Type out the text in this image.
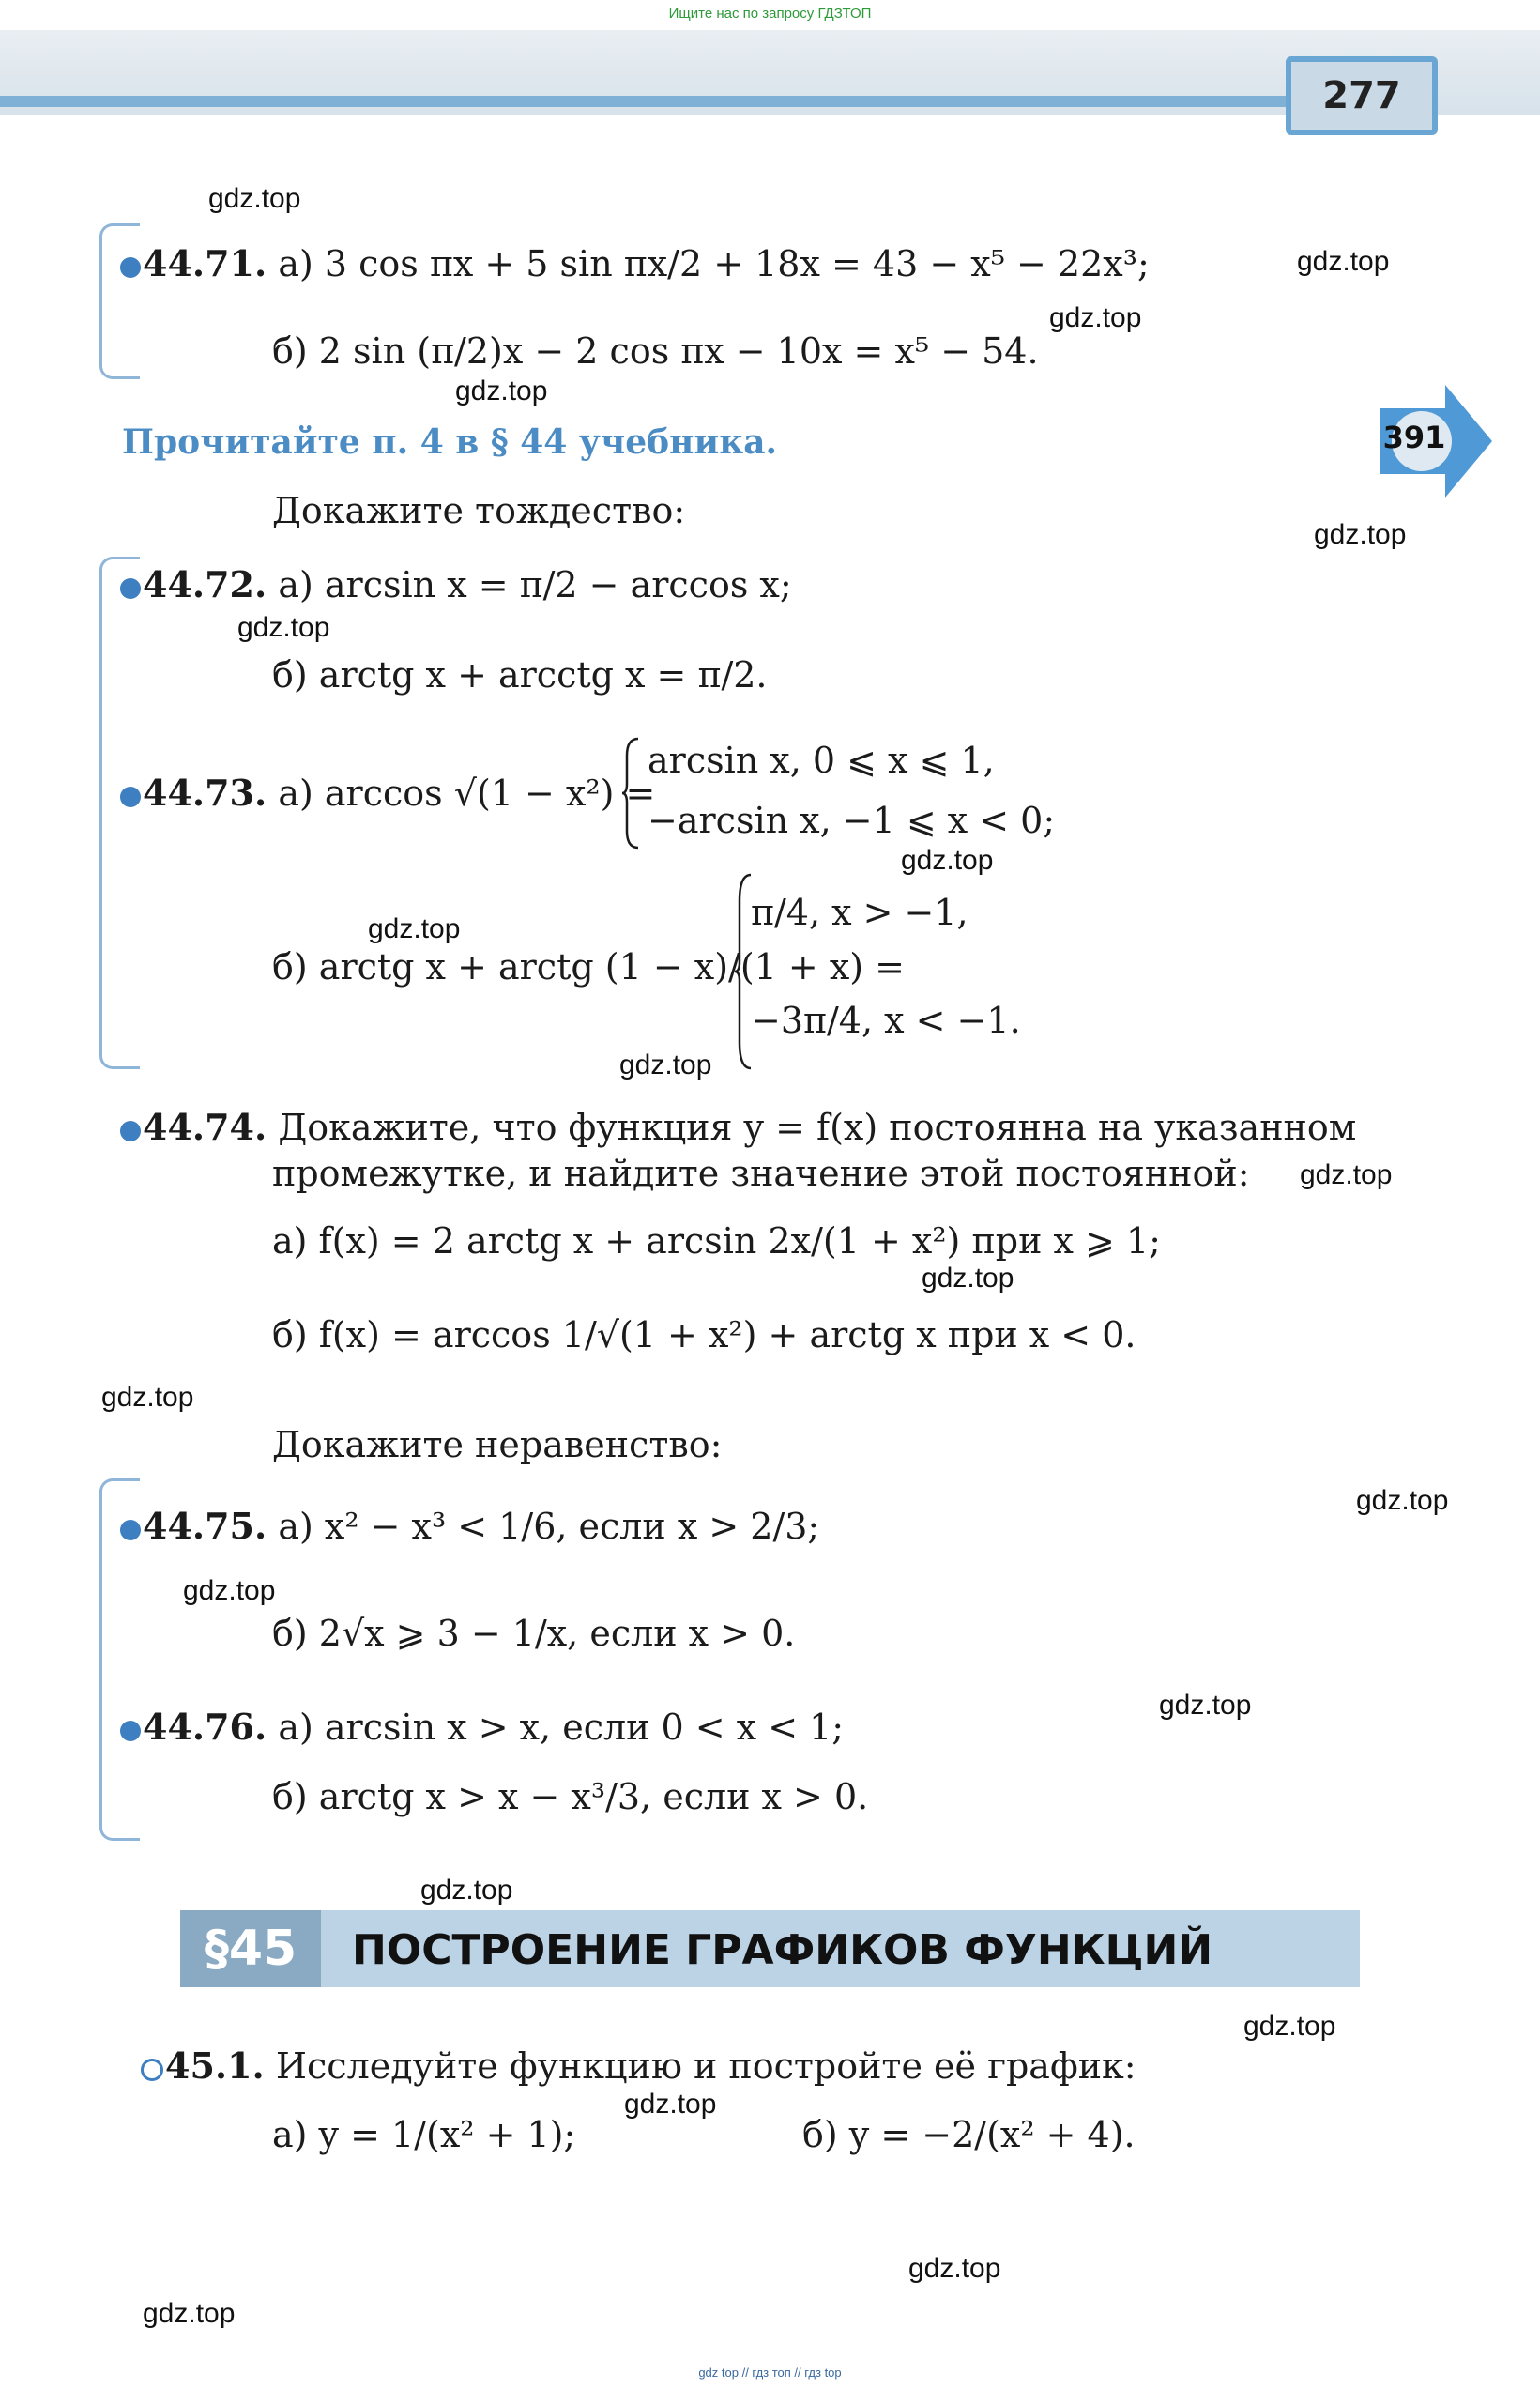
Ищите нас по запросу ГДЗТОП
277
391
gdz.top
gdz.top
gdz.top
gdz.top
gdz.top
gdz.top
gdz.top
gdz.top
gdz.top
gdz.top
gdz.top
gdz.top
gdz.top
gdz.top
gdz.top
gdz.top
gdz.top
gdz.top
gdz.top
gdz.top
44.71. а) 3 cos πx + 5 sin πx/2 + 18x = 43 − x⁵ − 22x³;
б) 2 sin (π/2)x − 2 cos πx − 10x = x⁵ − 54.
Прочитайте п. 4 в § 44 учебника.
Докажите тождество:
44.72. а) arcsin x = π/2 − arccos x;
б) arctg x + arcctg x = π/2.
44.73. а) arccos √(1 − x²) =
arcsin x, 0 ⩽ x ⩽ 1,
−arcsin x, −1 ⩽ x < 0;
б) arctg x + arctg (1 − x)/(1 + x) =
π/4, x > −1,
−3π/4, x < −1.
44.74. Докажите, что функция y = f(x) постоянна на указанном
промежутке, и найдите значение этой постоянной:
а) f(x) = 2 arctg x + arcsin 2x/(1 + x²) при x ⩾ 1;
б) f(x) = arccos 1/√(1 + x²) + arctg x при x < 0.
Докажите неравенство:
44.75. а) x² − x³ < 1/6, если x > 2/3;
б) 2√x ⩾ 3 − 1/x, если x > 0.
44.76. а) arcsin x > x, если 0 < x < 1;
б) arctg x > x − x³/3, если x > 0.
§45	ПОСТРОЕНИЕ ГРАФИКОВ ФУНКЦИЙ
45.1. Исследуйте функцию и постройте её график:
а) y = 1/(x² + 1);	б) y = −2/(x² + 4).
gdz top // гдз топ // гдз top
